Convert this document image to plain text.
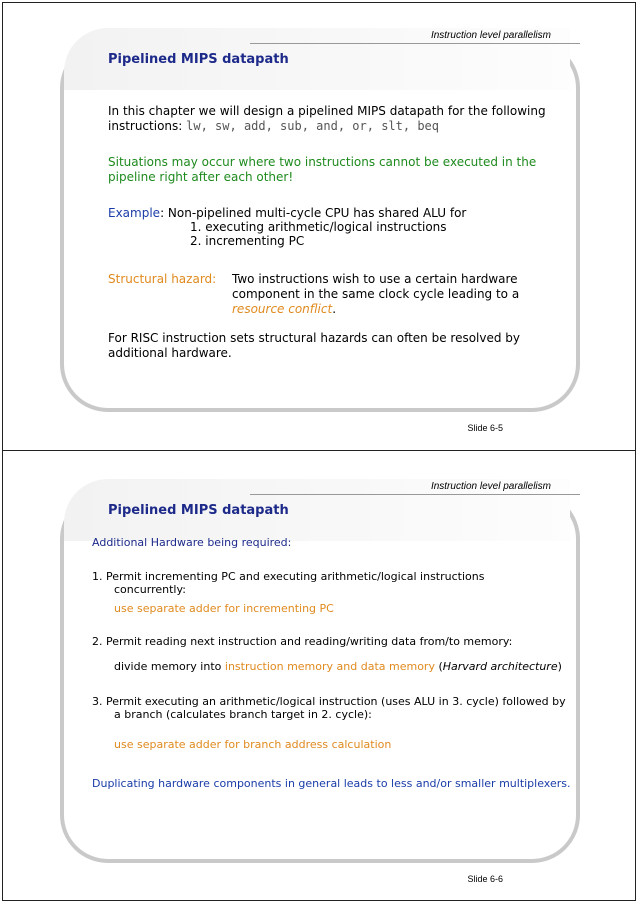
Instruction level parallelism
Pipelined MIPS datapath
In this chapter we will design a pipelined MIPS datapath for the following
instructions: lw, sw, add, sub, and, or, slt, beq
Situations may occur where two instructions cannot be executed in the
pipeline right after each other!
Example: Non-pipelined multi-cycle CPU has shared ALU for
1. executing arithmetic/logical instructions
2. incrementing PC
Structural hazard: Two instructions wish to use a certain hardware
component in the same clock cycle leading to a
resource conflict.
For RISC instruction sets structural hazards can often be resolved by
additional hardware.
Slide 6-5
Instruction level parallelism
Pipelined MIPS datapath
Additional Hardware being required:
1. Permit incrementing PC and executing arithmetic/logical instructions
concurrently:
use separate adder for incrementing PC
2. Permit reading next instruction and reading/writing data from/to memory:
divide memory into instruction memory and data memory (Harvard architecture)
3. Permit executing an arithmetic/logical instruction (uses ALU in 3. cycle) followed by
a branch (calculates branch target in 2. cycle):
use separate adder for branch address calculation
Duplicating hardware components in general leads to less and/or smaller multiplexers.
Slide 6-6
